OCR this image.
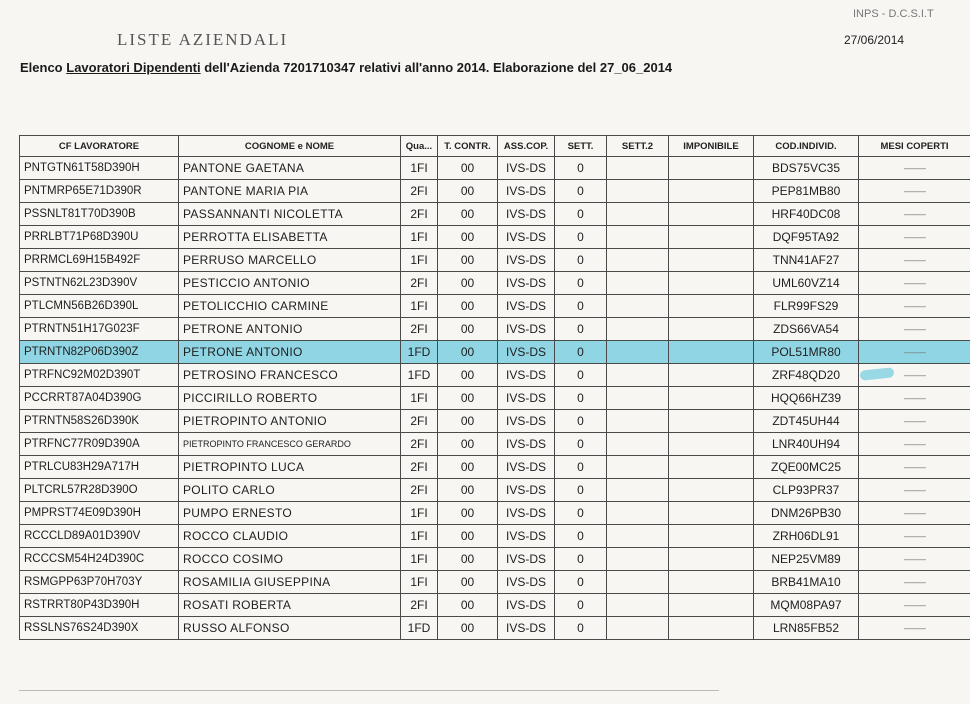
LISTE AZIENDALI
INPS - D.C.S.I.T
27/06/2014
Elenco Lavoratori Dipendenti dell'Azienda 7201710347 relativi all'anno 2014. Elaborazione del 27_06_2014
CF LAVORATORE	COGNOME e NOME	Qua...	T. CONTR.	ASS.COP.	SETT.	SETT.2	IMPONIBILE	COD.INDIVID.	MESI COPERTI
PNTGTN61T58D390H	PANTONE GAETANA	1FI	00	IVS-DS	0			BDS75VC35	-------------
PNTMRP65E71D390R	PANTONE MARIA PIA	2FI	00	IVS-DS	0			PEP81MB80	-------------
PSSNLT81T70D390B	PASSANNANTI NICOLETTA	2FI	00	IVS-DS	0			HRF40DC08	-------------
PRRLBT71P68D390U	PERROTTA ELISABETTA	1FI	00	IVS-DS	0			DQF95TA92	-------------
PRRMCL69H15B492F	PERRUSO MARCELLO	1FI	00	IVS-DS	0			TNN41AF27	-------------
PSTNTN62L23D390V	PESTICCIO ANTONIO	2FI	00	IVS-DS	0			UML60VZ14	-------------
PTLCMN56B26D390L	PETOLICCHIO CARMINE	1FI	00	IVS-DS	0			FLR99FS29	-------------
PTRNTN51H17G023F	PETRONE ANTONIO	2FI	00	IVS-DS	0			ZDS66VA54	-------------
PTRNTN82P06D390Z	PETRONE ANTONIO	1FD	00	IVS-DS	0			POL51MR80	-------------
PTRFNC92M02D390T	PETROSINO FRANCESCO	1FD	00	IVS-DS	0			ZRF48QD20	-------------
PCCRRT87A04D390G	PICCIRILLO ROBERTO	1FI	00	IVS-DS	0			HQQ66HZ39	-------------
PTRNTN58S26D390K	PIETROPINTO ANTONIO	2FI	00	IVS-DS	0			ZDT45UH44	-------------
PTRFNC77R09D390A	PIETROPINTO FRANCESCO GERARDO	2FI	00	IVS-DS	0			LNR40UH94	-------------
PTRLCU83H29A717H	PIETROPINTO LUCA	2FI	00	IVS-DS	0			ZQE00MC25	-------------
PLTCRL57R28D390O	POLITO CARLO	2FI	00	IVS-DS	0			CLP93PR37	-------------
PMPRST74E09D390H	PUMPO ERNESTO	1FI	00	IVS-DS	0			DNM26PB30	-------------
RCCCLD89A01D390V	ROCCO CLAUDIO	1FI	00	IVS-DS	0			ZRH06DL91	-------------
RCCCSM54H24D390C	ROCCO COSIMO	1FI	00	IVS-DS	0			NEP25VM89	-------------
RSMGPP63P70H703Y	ROSAMILIA GIUSEPPINA	1FI	00	IVS-DS	0			BRB41MA10	-------------
RSTRRT80P43D390H	ROSATI ROBERTA	2FI	00	IVS-DS	0			MQM08PA97	-------------
RSSLNS76S24D390X	RUSSO ALFONSO	1FD	00	IVS-DS	0			LRN85FB52	-------------
